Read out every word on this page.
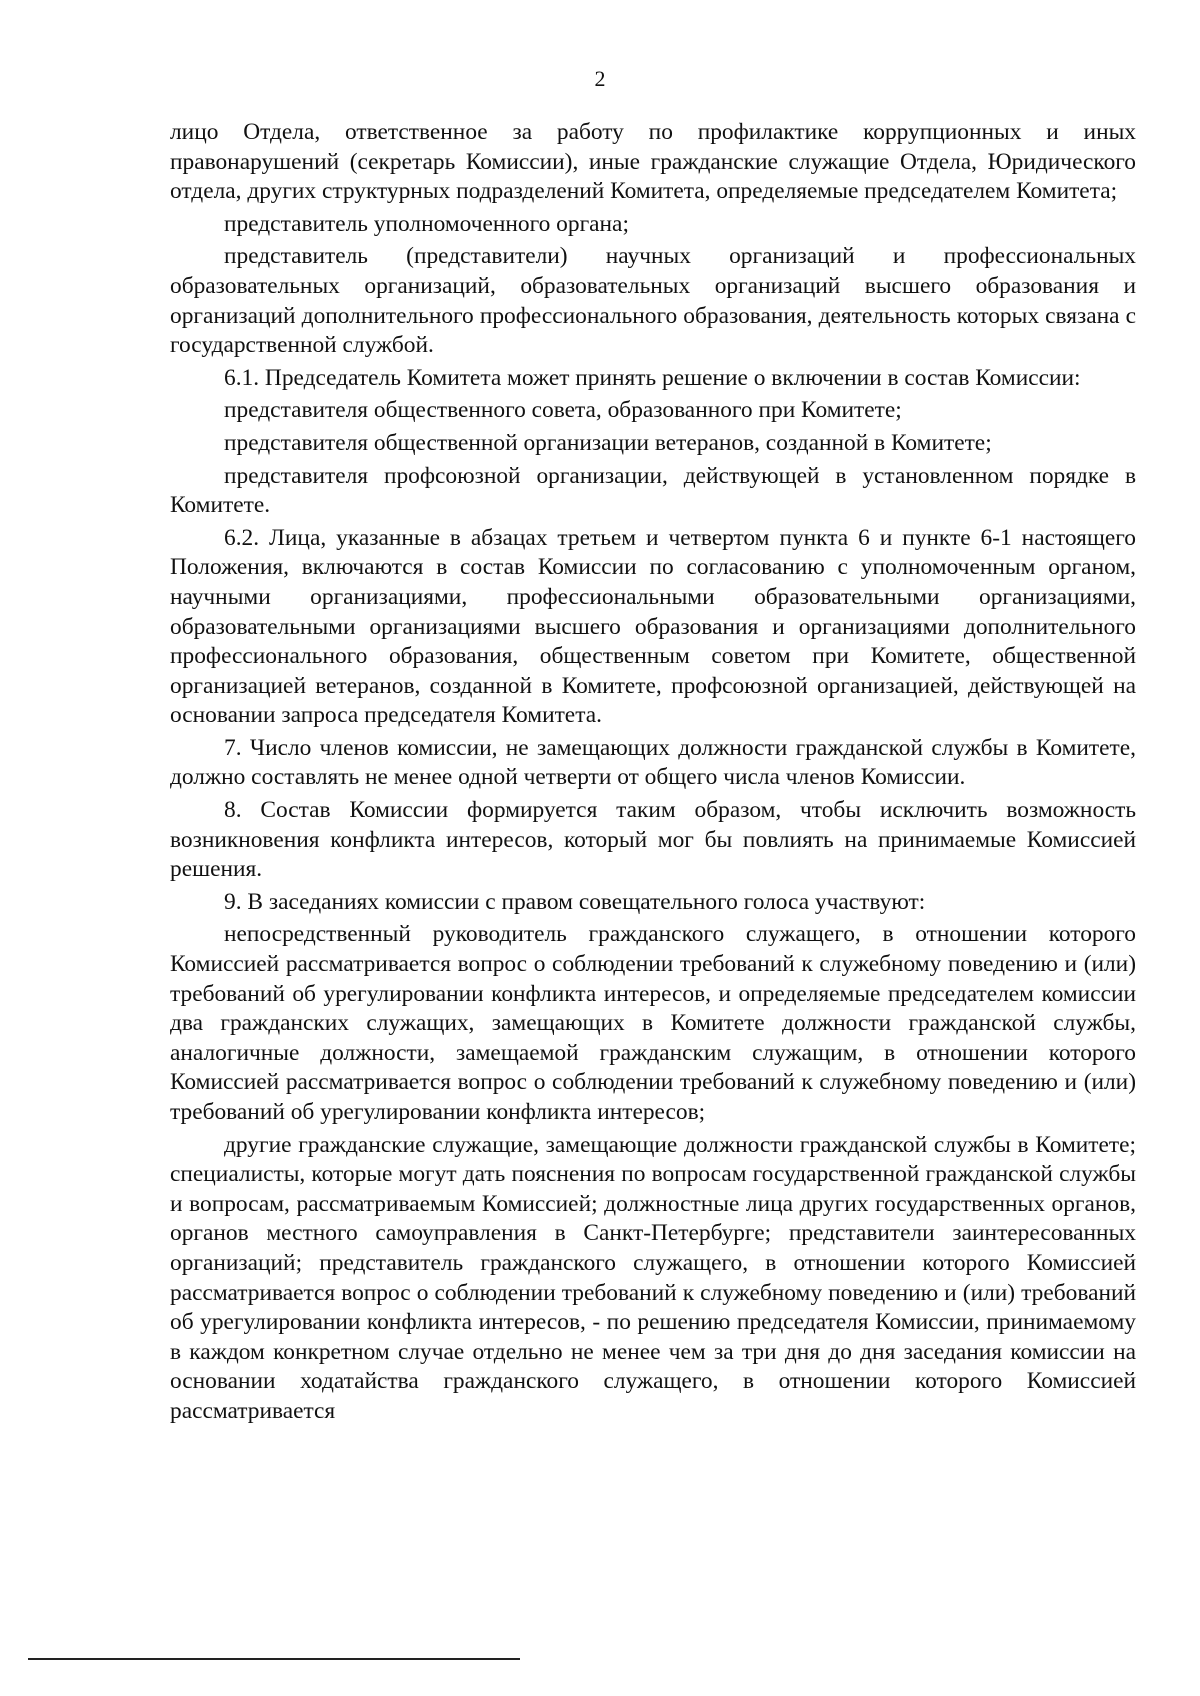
2

лицо Отдела, ответственное за работу по профилактике коррупционных и иных правонарушений (секретарь Комиссии), иные гражданские служащие Отдела, Юридического отдела, других структурных подразделений Комитета, определяемые председателем Комитета;

представитель уполномоченного органа;

представитель (представители) научных организаций и профессиональных образовательных организаций, образовательных организаций высшего образования и организаций дополнительного профессионального образования, деятельность которых связана с государственной службой.

6.1. Председатель Комитета может принять решение о включении в состав Комиссии:

представителя общественного совета, образованного при Комитете;

представителя общественной организации ветеранов, созданной в Комитете;

представителя профсоюзной организации, действующей в установленном порядке в Комитете.

6.2. Лица, указанные в абзацах третьем и четвертом пункта 6 и пункте 6-1 настоящего Положения, включаются в состав Комиссии по согласованию с уполномоченным органом, научными организациями, профессиональными образовательными организациями, образовательными организациями высшего образования и организациями дополнительного профессионального образования, общественным советом при Комитете, общественной организацией ветеранов, созданной в Комитете, профсоюзной организацией, действующей на основании запроса председателя Комитета.

7. Число членов комиссии, не замещающих должности гражданской службы в Комитете, должно составлять не менее одной четверти от общего числа членов Комиссии.

8. Состав Комиссии формируется таким образом, чтобы исключить возможность возникновения конфликта интересов, который мог бы повлиять на принимаемые Комиссией решения.

9. В заседаниях комиссии с правом совещательного голоса участвуют:

непосредственный руководитель гражданского служащего, в отношении которого Комиссией рассматривается вопрос о соблюдении требований к служебному поведению и (или) требований об урегулировании конфликта интересов, и определяемые председателем комиссии два гражданских служащих, замещающих в Комитете должности гражданской службы, аналогичные должности, замещаемой гражданским служащим, в отношении которого Комиссией рассматривается вопрос о соблюдении требований к служебному поведению и (или) требований об урегулировании конфликта интересов;

другие гражданские служащие, замещающие должности гражданской службы в Комитете; специалисты, которые могут дать пояснения по вопросам государственной гражданской службы и вопросам, рассматриваемым Комиссией; должностные лица других государственных органов, органов местного самоуправления в Санкт-Петербурге; представители заинтересованных организаций; представитель гражданского служащего, в отношении которого Комиссией рассматривается вопрос о соблюдении требований к служебному поведению и (или) требований об урегулировании конфликта интересов, - по решению председателя Комиссии, принимаемому в каждом конкретном случае отдельно не менее чем за три дня до дня заседания комиссии на основании ходатайства гражданского служащего, в отношении которого Комиссией рассматривается
